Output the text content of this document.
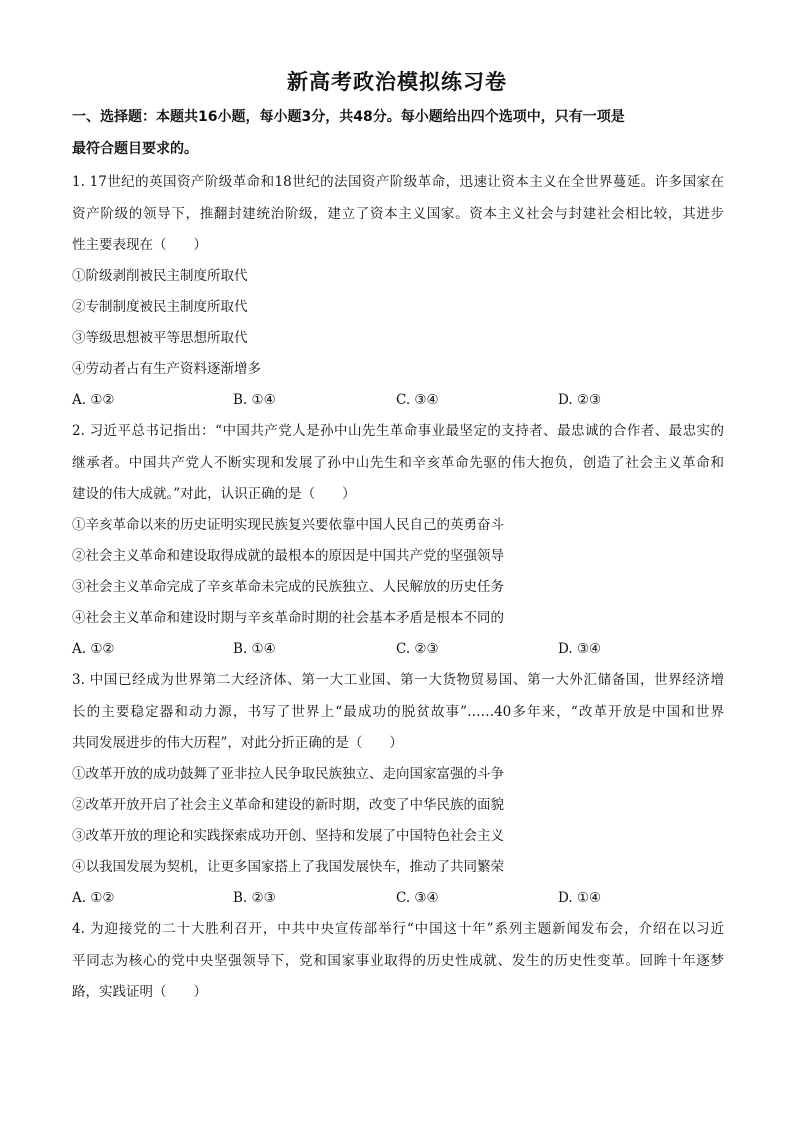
新高考政治模拟练习卷
一、选择题：本题共16小题，每小题3分，共48分。每小题给出四个选项中，只有一项是
最符合题目要求的。
1. 17世纪的英国资产阶级革命和18世纪的法国资产阶级革命，迅速让资本主义在全世界蔓延。许多国家在
资产阶级的领导下，推翻封建统治阶级，建立了资本主义国家。资本主义社会与封建社会相比较，其进步
性主要表现在（　　）
①阶级剥削被民主制度所取代
②专制制度被民主制度所取代
③等级思想被平等思想所取代
④劳动者占有生产资料逐渐增多
A. ①②	B. ①④	C. ③④	D. ②③
2. 习近平总书记指出：“中国共产党人是孙中山先生革命事业最坚定的支持者、最忠诚的合作者、最忠实的
继承者。中国共产党人不断实现和发展了孙中山先生和辛亥革命先驱的伟大抱负，创造了社会主义革命和
建设的伟大成就。”对此，认识正确的是（　　）
①辛亥革命以来的历史证明实现民族复兴要依靠中国人民自己的英勇奋斗
②社会主义革命和建设取得成就的最根本的原因是中国共产党的坚强领导
③社会主义革命完成了辛亥革命未完成的民族独立、人民解放的历史任务
④社会主义革命和建设时期与辛亥革命时期的社会基本矛盾是根本不同的
A. ①②	B. ①④	C. ②③	D. ③④
3. 中国已经成为世界第二大经济体、第一大工业国、第一大货物贸易国、第一大外汇储备国，世界经济增
长的主要稳定器和动力源，书写了世界上“最成功的脱贫故事”……40多年来，“改革开放是中国和世界
共同发展进步的伟大历程”，对此分折正确的是（　　）
①改革开放的成功鼓舞了亚非拉人民争取民族独立、走向国家富强的斗争
②改革开放开启了社会主义革命和建设的新时期，改变了中华民族的面貌
③改革开放的理论和实践探索成功开创、坚持和发展了中国特色社会主义
④以我国发展为契机，让更多国家搭上了我国发展快车，推动了共同繁荣
A. ①②	B. ②③	C. ③④	D. ①④
4. 为迎接党的二十大胜利召开，中共中央宣传部举行“中国这十年”系列主题新闻发布会，介绍在以习近
平同志为核心的党中央坚强领导下，党和国家事业取得的历史性成就、发生的历史性变革。回眸十年逐梦
路，实践证明（　　）
